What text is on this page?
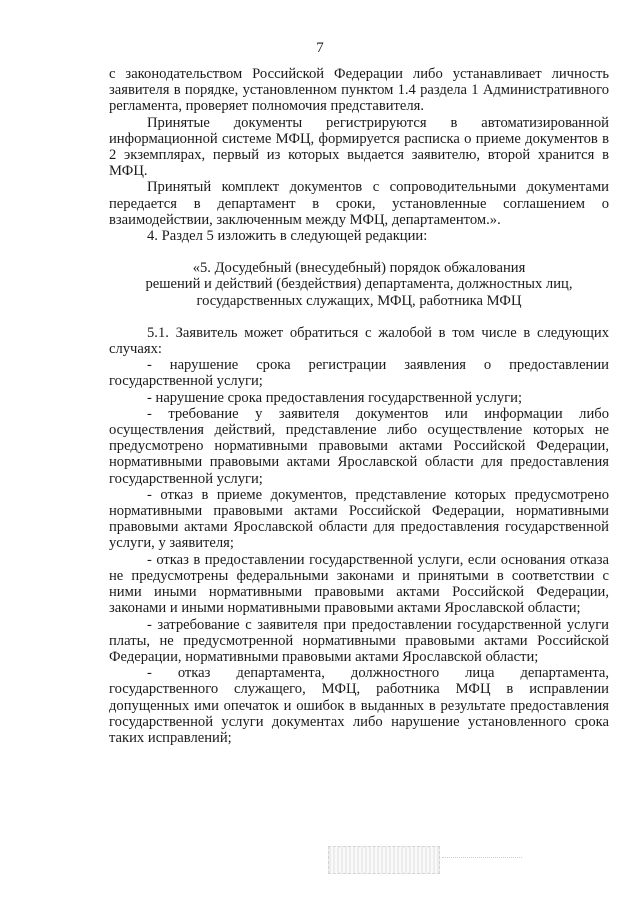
7

с законодательством Российской Федерации либо устанавливает личность заявителя в порядке, установленном пунктом 1.4 раздела 1 Административного регламента, проверяет полномочия представителя.

Принятые документы регистрируются в автоматизированной информационной системе МФЦ, формируется расписка о приеме документов в 2 экземплярах, первый из которых выдается заявителю, второй хранится в МФЦ.

Принятый комплект документов с сопроводительными документами передается в департамент в сроки, установленные соглашением о взаимодействии, заключенным между МФЦ, департаментом.».

4. Раздел 5 изложить в следующей редакции:

«5. Досудебный (внесудебный) порядок обжалования

решений и действий (бездействия) департамента, должностных лиц,

государственных служащих, МФЦ, работника МФЦ

5.1. Заявитель может обратиться с жалобой в том числе в следующих случаях:

- нарушение срока регистрации заявления о предоставлении государственной услуги;

- нарушение срока предоставления государственной услуги;

- требование у заявителя документов или информации либо осуществления действий, представление либо осуществление которых не предусмотрено нормативными правовыми актами Российской Федерации, нормативными правовыми актами Ярославской области для предоставления государственной услуги;

- отказ в приеме документов, представление которых предусмотрено нормативными правовыми актами Российской Федерации, нормативными правовыми актами Ярославской области для предоставления государственной услуги, у заявителя;

- отказ в предоставлении государственной услуги, если основания отказа не предусмотрены федеральными законами и принятыми в соответствии с ними иными нормативными правовыми актами Российской Федерации, законами и иными нормативными правовыми актами Ярославской области;

- затребование с заявителя при предоставлении государственной услуги платы, не предусмотренной нормативными правовыми актами Российской Федерации, нормативными правовыми актами Ярославской области;

- отказ департамента, должностного лица департамента, государственного служащего, МФЦ, работника МФЦ в исправлении допущенных ими опечаток и ошибок в выданных в результате предоставления государственной услуги документах либо нарушение установленного срока таких исправлений;
